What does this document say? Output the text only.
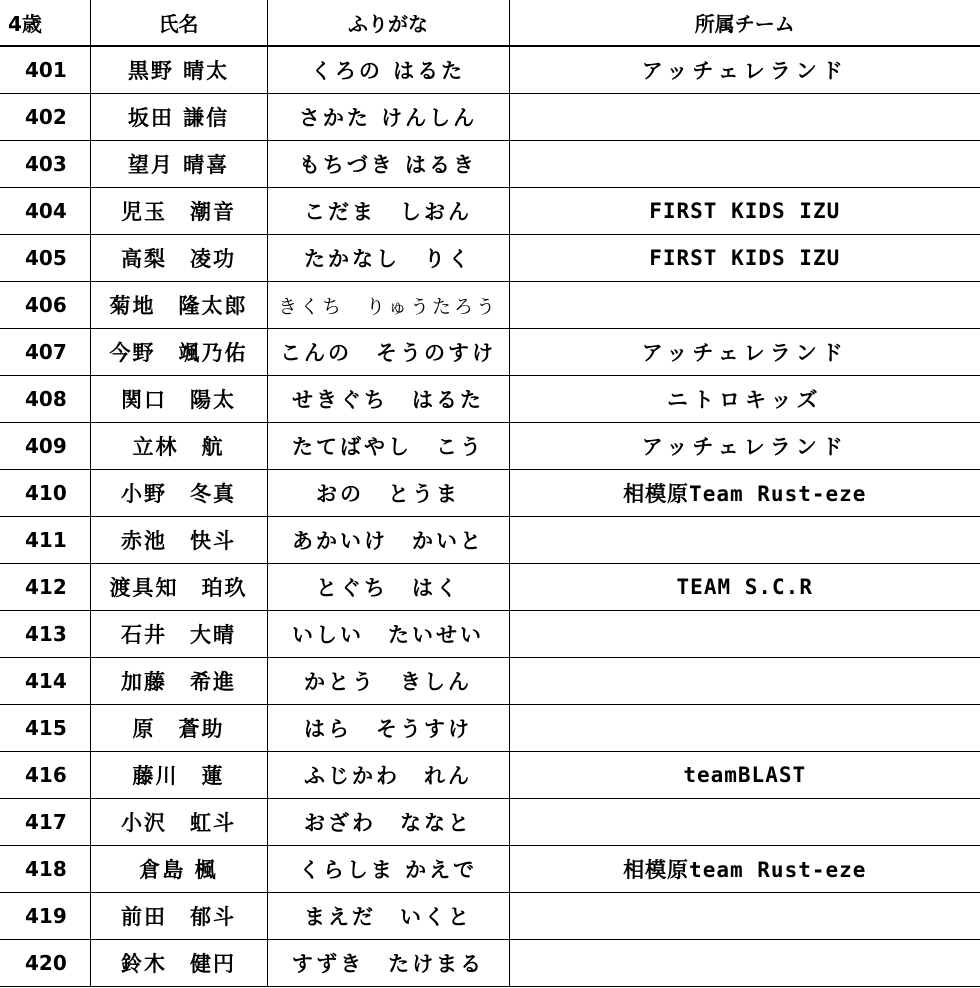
4歳	氏名	ふりがな	所属チーム
401	黒野 晴太	くろの はるた	アッチェレランド
402	坂田 謙信	さかた けんしん	
403	望月 晴喜	もちづき はるき	
404	児玉　潮音	こだま　しおん	FIRST KIDS IZU
405	高梨　凌功	たかなし　りく	FIRST KIDS IZU
406	菊地　隆太郎	きくち　りゅうたろう	
407	今野　颯乃佑	こんの　そうのすけ	アッチェレランド
408	関口　陽太	せきぐち　はるた	ニトロキッズ
409	立林　航	たてばやし　こう	アッチェレランド
410	小野　冬真	おの　とうま	相模原Team Rust-eze
411	赤池　快斗	あかいけ　かいと	
412	渡具知　珀玖	とぐち　はく	TEAM S.C.R
413	石井　大晴	いしい　たいせい	
414	加藤　希進	かとう　きしん	
415	原　蒼助	はら　そうすけ	
416	藤川　蓮	ふじかわ　れん	teamBLAST
417	小沢　虹斗	おざわ　ななと	
418	倉島 楓	くらしま かえで	相模原team Rust-eze
419	前田　郁斗	まえだ　いくと	
420	鈴木　健円	すずき　たけまる	
